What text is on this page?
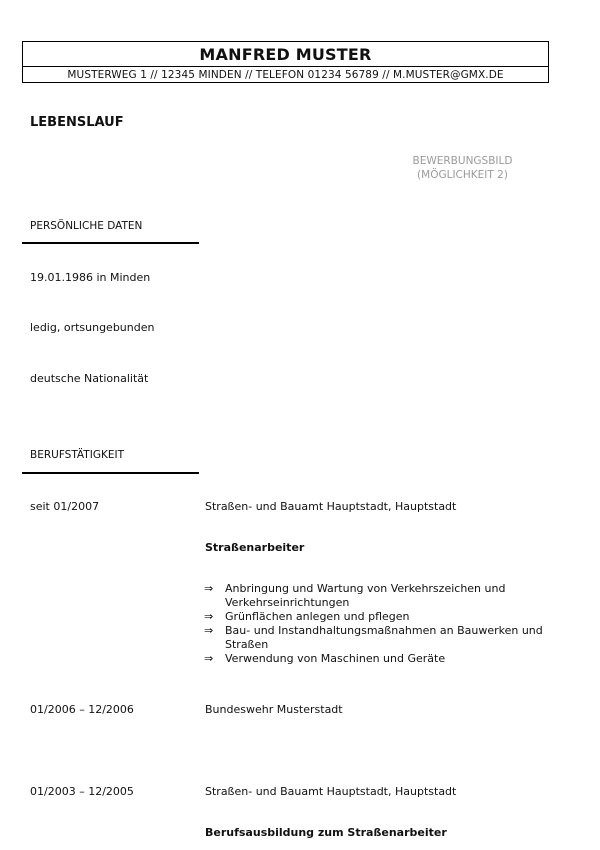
MANFRED MUSTER
MUSTERWEG 1 // 12345 MINDEN // TELEFON 01234 56789 // M.MUSTER@GMX.DE
LEBENSLAUF
BEWERBUNGSBILD
(MÖGLICHKEIT 2)
PERSÖNLICHE DATEN
19.01.1986 in Minden
ledig, ortsungebunden
deutsche Nationalität
BERUFSTÄTIGKEIT
seit 01/2007	Straßen- und Bauamt Hauptstadt, Hauptstadt
Straßenarbeiter
⇒	Anbringung und Wartung von Verkehrszeichen und Verkehrseinrichtungen
⇒	Grünflächen anlegen und pflegen
⇒	Bau- und Instandhaltungsmaßnahmen an Bauwerken und Straßen
⇒	Verwendung von Maschinen und Geräte
01/2006 – 12/2006	Bundeswehr Musterstadt
01/2003 – 12/2005	Straßen- und Bauamt Hauptstadt, Hauptstadt
Berufsausbildung zum Straßenarbeiter
